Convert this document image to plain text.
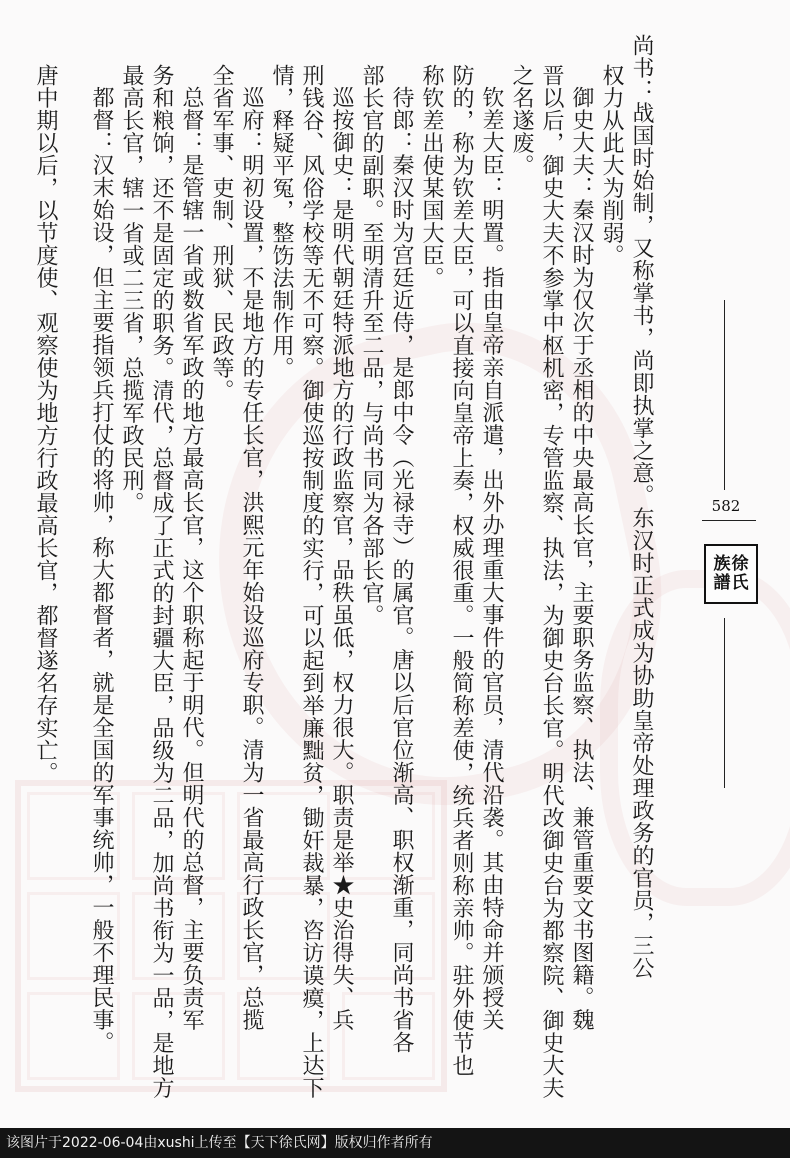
582
徐
氏
族
譜
尚书：战国时始制，又称掌书，尚即执掌之意。东汉时正式成为协助皇帝处理政务的官员，三公
权力从此大为削弱。
御史大夫：秦汉时为仅次于丞相的中央最高长官，主要职务监察、执法、兼管重要文书图籍。魏
晋以后，御史大夫不参掌中枢机密，专管监察、执法，为御史台长官。明代改御史台为都察院、御史大夫
之名遂废。
钦差大臣：明置。指由皇帝亲自派遣，出外办理重大事件的官员，清代沿袭。其由特命并颁授关
防的，称为钦差大臣，可以直接向皇帝上奏，权威很重。一般简称差使，统兵者则称亲帅。驻外使节也
称钦差出使某国大臣。
待郎：秦汉时为宫廷近侍，是郎中令（光禄寺）的属官。唐以后官位渐高、职权渐重，同尚书省各
部长官的副职。至明清升至二品，与尚书同为各部长官。
巡按御史：是明代朝廷特派地方的行政监察官，品秩虽低，权力很大。职责是举★史治得失、兵
刑钱谷、风俗学校等无不可察。御使巡按制度的实行，可以起到举廉黜贫，锄奸裁暴，咨访谟瘼，上达下
情，释疑平冤，整饬法制作用。
巡府：明初设置，不是地方的专任长官，洪熙元年始设巡府专职。清为一省最高行政长官，总揽
全省军事、吏制、刑狱、民政等。
总督：是管辖一省或数省军政的地方最高长官，这个职称起于明代。但明代的总督，主要负责军
务和粮饷，还不是固定的职务。清代，总督成了正式的封疆大臣，品级为二品，加尚书衔为一品，是地方
最高长官，辖一省或二三省，总揽军政民刑。
都督：汉末始设，但主要指领兵打仗的将帅，称大都督者，就是全国的军事统帅，一般不理民事。
唐中期以后，以节度使、观察使为地方行政最高长官，都督遂名存实亡。
该图片于2022-06-04由xushi上传至【天下徐氏网】版权归作者所有
